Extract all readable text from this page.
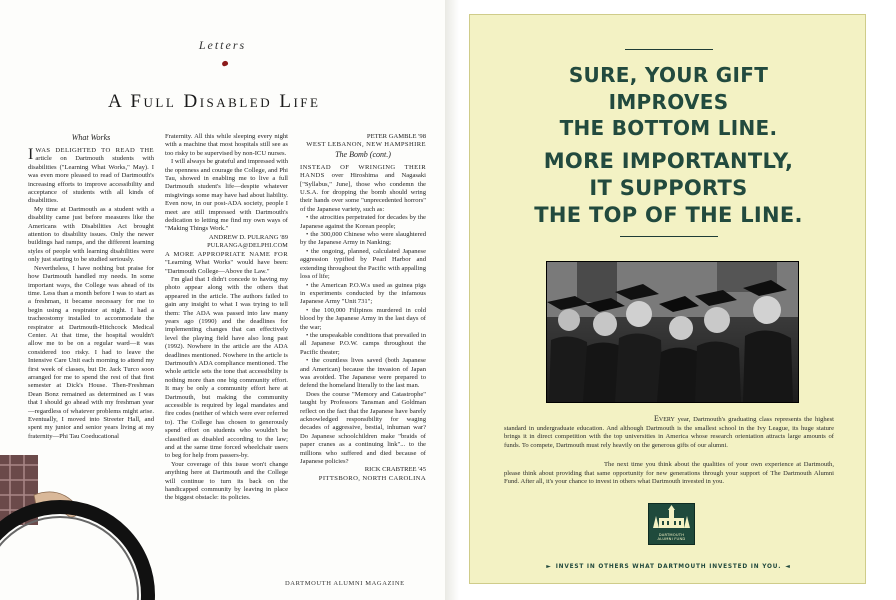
Letters
A Full Disabled Life
What Works

IWAS DELIGHTED TO READ THE article on Dartmouth students with disabilities ("Learning What Works," May). I was even more pleased to read of Dartmouth's increasing efforts to improve accessibility and acceptance of students with all kinds of disabilities.

My time at Dartmouth as a student with a disability came just before measures like the Americans with Disabilities Act brought attention to disability issues. Only the newer buildings had ramps, and the different learning styles of people with learning disabilities were only just starting to be studied seriously.

Nevertheless, I have nothing but praise for how Dartmouth handled my needs. In some important ways, the College was ahead of its time. Less than a month before I was to start as a freshman, it became necessary for me to begin using a respirator at night. I had a tracheostomy installed to accommodate the respirator at Dartmouth-Hitchcock Medical Center. At that time, the hospital wouldn't allow me to be on a regular ward—it was considered too risky. I had to leave the Intensive Care Unit each morning to attend my first week of classes, but Dr. Jack Turco soon arranged for me to spend the rest of that first semester at Dick's House. Then-Freshman Dean Bonz remained as determined as I was that I should go ahead with my freshman year—regardless of whatever problems might arise. Eventually, I moved into Streeter Hall, and spent my junior and senior years living at my fraternity—Phi Tau Coeducational

Fraternity. All this while sleeping every night with a machine that most hospitals still see as too risky to be supervised by non-ICU nurses.

I will always be grateful and impressed with the openness and courage the College, and Phi Tau, showed in enabling me to live a full Dartmouth student's life—despite whatever misgivings some may have had about liability. Even now, in our post-ADA society, people I meet are still impressed with Dartmouth's dedication to letting me find my own ways of "Making Things Work."

ANDREW D. PULRANG '89

PULRANGA@DELPHI.COM

A MORE APPROPRIATE NAME FOR "Learning What Works" would have been: "Dartmouth College—Above the Law."

I'm glad that I didn't concede to having my photo appear along with the others that appeared in the article. The authors failed to gain any insight to what I was trying to tell them: The ADA was passed into law many years ago (1990) and the deadlines for implementing changes that can effectively level the playing field have also long past (1992). Nowhere in the article are the ADA deadlines mentioned. Nowhere in the article is Dartmouth's ADA compliance mentioned. The whole article sets the tone that accessibility is nothing more than one big community effort. It may be only a community effort here at Dartmouth, but making the community accessible is required by legal mandates and fire codes (neither of which were ever referred to). The College has chosen to generously spend effort on students who wouldn't be classified as disabled according to the law; and at the same time forced wheelchair users to beg for help from passers-by.

Your coverage of this issue won't change anything here at Dartmouth and the College will continue to turn its back on the handicapped community by leaving in place the biggest obstacle: its policies.

PETER GAMBLE '98

WEST LEBANON, NEW HAMPSHIRE

The Bomb (cont.)

INSTEAD OF WRINGING THEIR HANDS over Hiroshima and Nagasaki ["Syllabus," June], those who condemn the U.S.A. for dropping the bomb should wring their hands over some "unprecedented horrors" of the Japanese variety, such as:

• the atrocities perpetrated for decades by the Japanese against the Korean people;

• the 300,000 Chinese who were slaughtered by the Japanese Army in Nanking;

• the ongoing, planned, calculated Japanese aggression typified by Pearl Harbor and extending throughout the Pacific with appalling loss of life;

• the American P.O.W.s used as guinea pigs in experiments conducted by the infamous Japanese Army "Unit 731";

• the 100,000 Filipinos murdered in cold blood by the Japanese Army in the last days of the war;

• the unspeakable conditions that prevailed in all Japanese P.O.W. camps throughout the Pacific theater;

• the countless lives saved (both Japanese and American) because the invasion of Japan was avoided. The Japanese were prepared to defend the homeland literally to the last man.

Does the course "Memory and Catastrophe" taught by Professors Tansman and Goldman reflect on the fact that the Japanese have barely acknowledged responsibility for waging decades of aggressive, bestial, inhuman war? Do Japanese schoolchildren make "braids of paper cranes as a continuing link"... to the millions who suffered and died because of Japanese policies?

RICK CRABTREE '45

PITTSBORO, NORTH CAROLINA

DARTMOUTH ALUMNI MAGAZINE
SURE, YOUR GIFT
IMPROVES
THE BOTTOM LINE.
MORE IMPORTANTLY,
IT SUPPORTS
THE TOP OF THE LINE.

Every year, Dartmouth's graduating class represents the highest standard in undergraduate education. And although Dartmouth is the smallest school in the Ivy League, its huge stature brings it in direct competition with the top universities in America whose research orientation attracts large amounts of funds. To compete, Dartmouth must rely heavily on the generous gifts of our alumni.

The next time you think about the qualities of your own experience at Dartmouth, please think about providing that same opportunity for new generations through your support of The Dartmouth Alumni Fund. After all, it's your chance to invest in others what Dartmouth invested in you.

DARTMOUTH
ALUMNI FUND
► INVEST IN OTHERS WHAT DARTMOUTH INVESTED IN YOU. ◄
